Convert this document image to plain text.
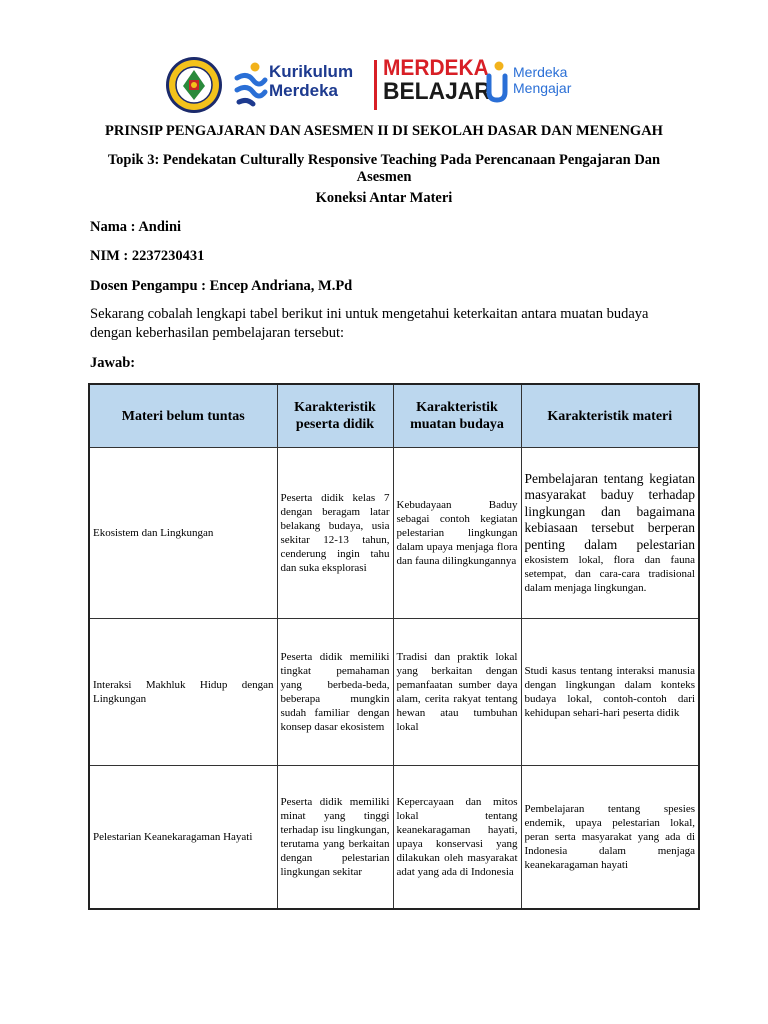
Kurikulum
Merdeka
MERDEKA
BELAJAR
Merdeka
Mengajar
PRINSIP PENGAJARAN DAN ASESMEN II DI SEKOLAH DASAR DAN MENENGAH
Topik 3: Pendekatan Culturally Responsive Teaching Pada Perencanaan Pengajaran Dan
Asesmen
Koneksi Antar Materi
Nama : Andini
NIM : 2237230431
Dosen Pengampu : Encep Andriana, M.Pd
Sekarang cobalah lengkapi tabel berikut ini untuk mengetahui keterkaitan antara muatan budaya dengan keberhasilan pembelajaran tersebut:
Jawab:
Materi belum tuntas	Karakteristik peserta didik	Karakteristik muatan budaya	Karakteristik materi

Ekosistem dan Lingkungan	Peserta didik kelas 7 dengan beragam latar belakang budaya, usia sekitar 12-13 tahun, cenderung ingin tahu dan suka eksplorasi	Kebudayaan Baduy sebagai contoh kegiatan pelestarian lingkungan dalam upaya menjaga flora dan fauna dilingkungannya	Pembelajaran tentang kegiatan masyarakat baduy terhadap lingkungan dan bagaimana kebiasaan tersebut berperan penting dalam pelestarian ekosistem lokal, flora dan fauna setempat, dan cara-cara tradisional dalam menjaga lingkungan.

Interaksi Makhluk Hidup dengan Lingkungan	Peserta didik memiliki tingkat pemahaman yang berbeda-beda, beberapa mungkin sudah familiar dengan konsep dasar ekosistem	Tradisi dan praktik lokal yang berkaitan dengan pemanfaatan sumber daya alam, cerita rakyat tentang hewan atau tumbuhan lokal	Studi kasus tentang interaksi manusia dengan lingkungan dalam konteks budaya lokal, contoh-contoh dari kehidupan sehari-hari peserta didik

Pelestarian Keanekaragaman Hayati	Peserta didik memiliki minat yang tinggi terhadap isu lingkungan, terutama yang berkaitan dengan pelestarian lingkungan sekitar	Kepercayaan dan mitos lokal tentang keanekaragaman hayati, upaya konservasi yang dilakukan oleh masyarakat adat yang ada di Indonesia	Pembelajaran tentang spesies endemik, upaya pelestarian lokal, peran serta masyarakat yang ada di Indonesia dalam menjaga keanekaragaman hayati
